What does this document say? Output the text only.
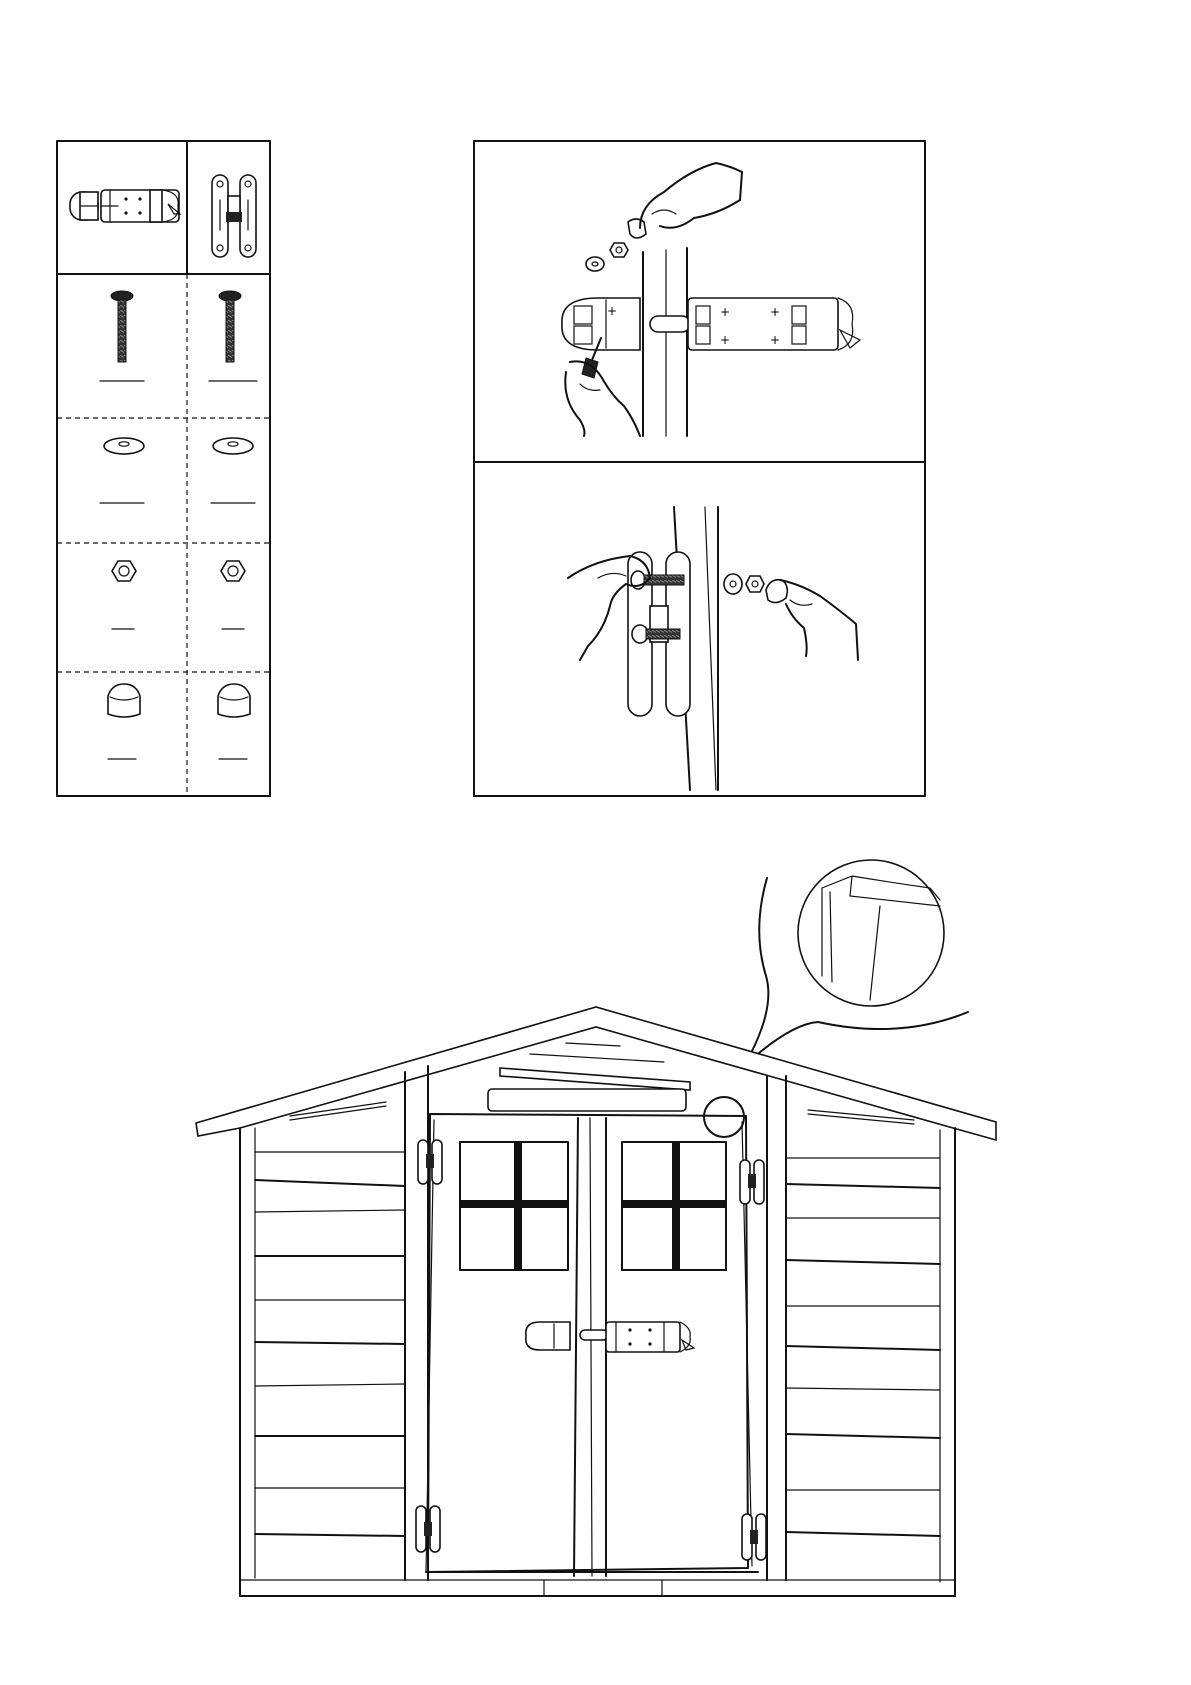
+	+	+
+	+
